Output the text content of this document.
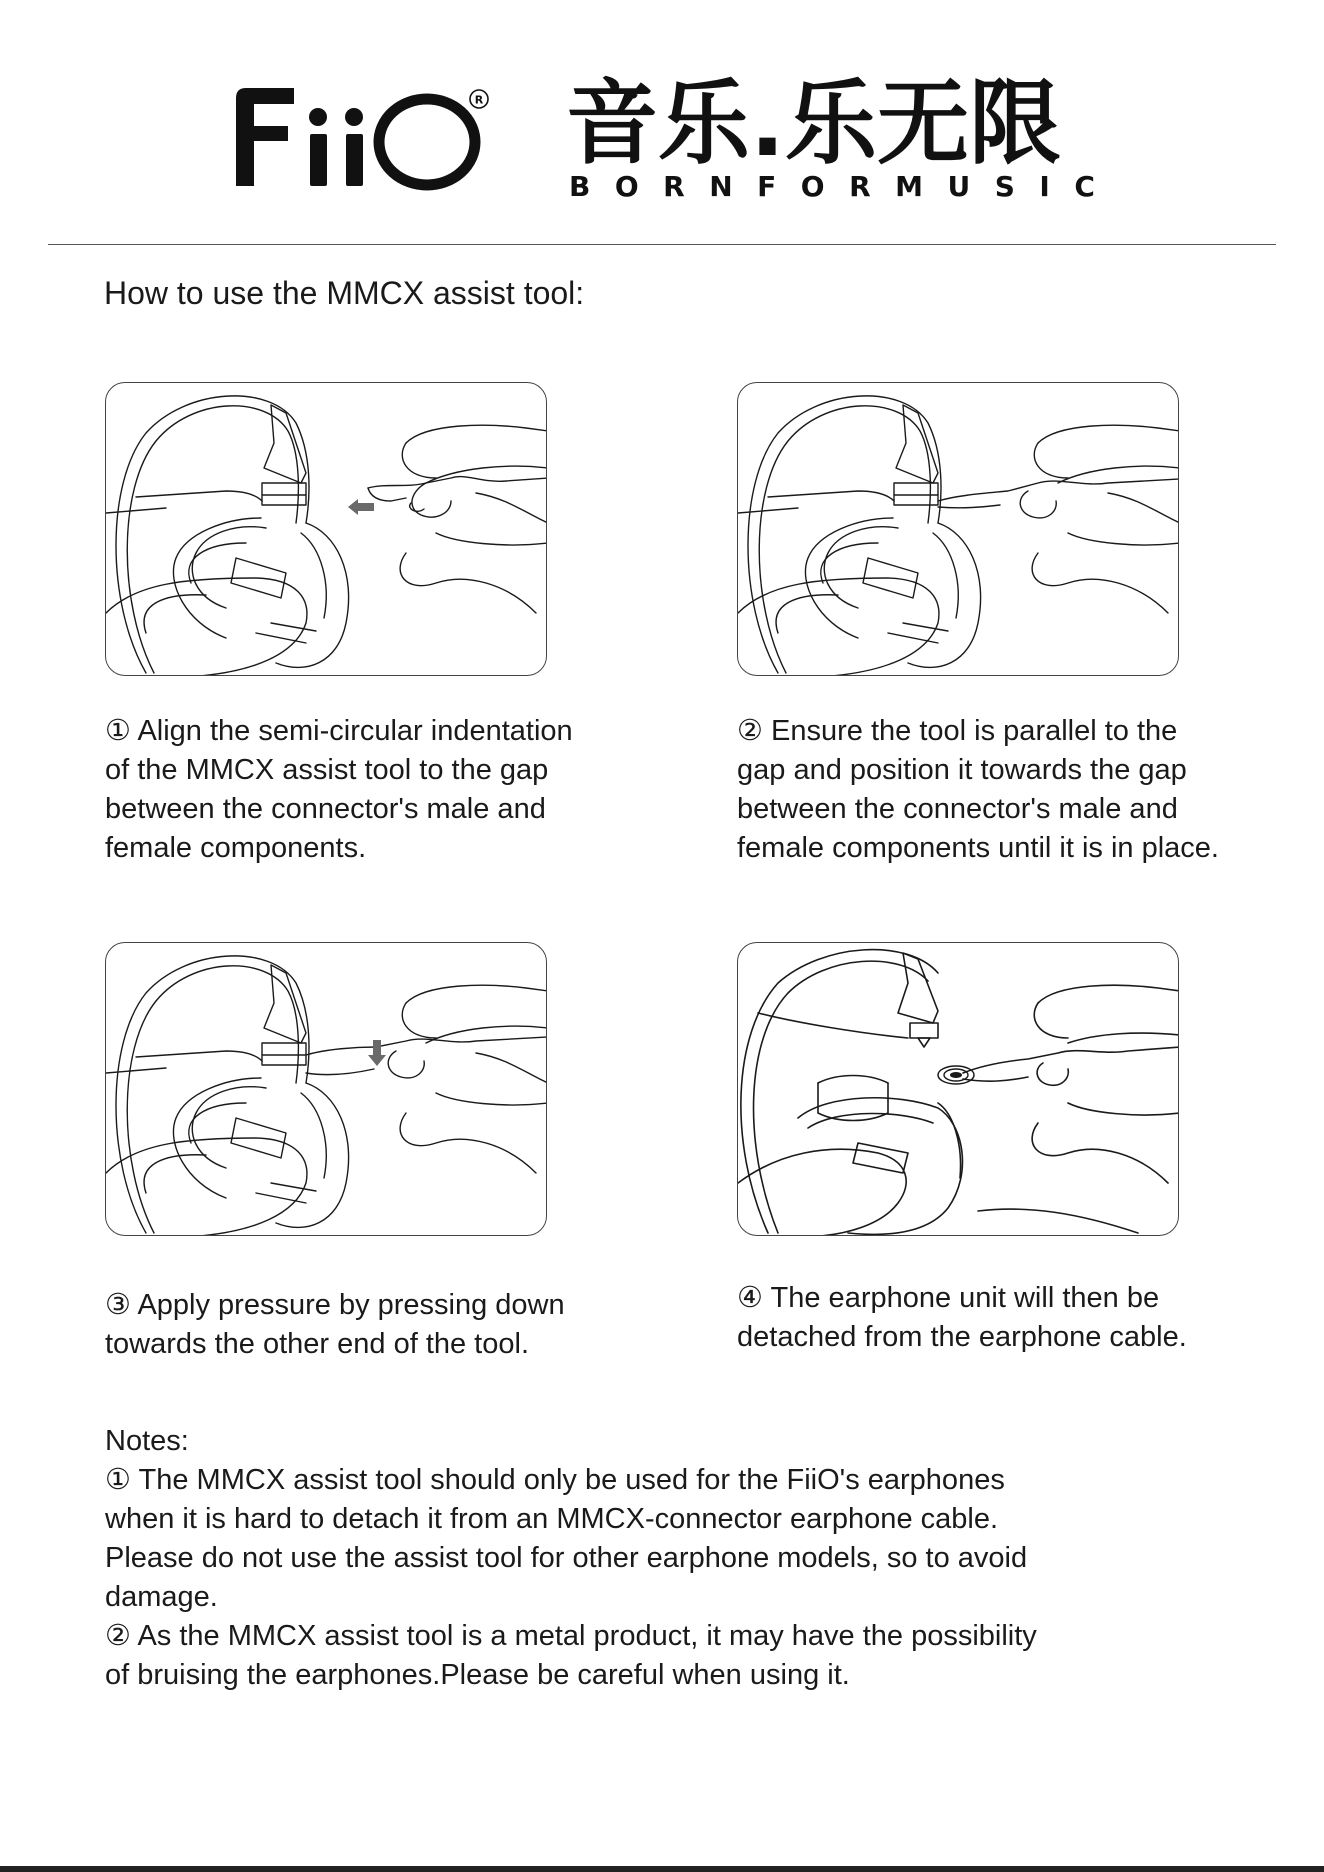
R 音乐.乐无限
BORNFORMUSIC
How to use the MMCX assist tool:
① Align the semi-circular indentation
of the MMCX assist tool to the gap
between the connector's male and
female components.
② Ensure the tool is parallel to the
gap and position it towards the gap
between the connector's male and
female components until it is in place.
③ Apply pressure by pressing down
towards the other end of the tool.
④ The earphone unit will then be
detached from the earphone cable.
Notes:
① The MMCX assist tool should only be used for the FiiO's earphones
when it is hard to detach it from an MMCX-connector earphone cable.
Please do not use the assist tool for other earphone models, so to avoid
damage.
② As the MMCX assist tool is a metal product, it may have the possibility
of bruising the earphones.Please be careful when using it.
